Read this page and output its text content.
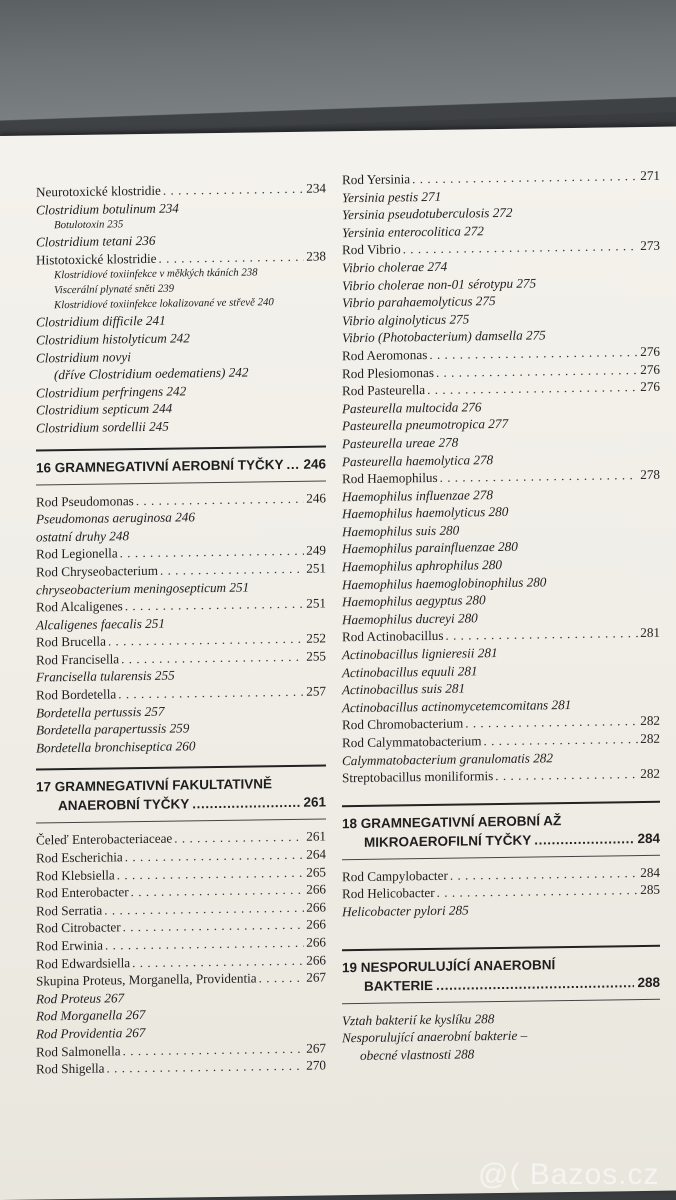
Neurotoxické klostridie . . .	234
Clostridium botulinum 234
Botulotoxin 235
Clostridium tetani 236
Histotoxické klostridie . . .	238
Klostridiové toxiinfekce v měkkých tkáních 238
Viscerální plynaté sněti 239
Klostridiové toxiinfekce lokalizované ve střevě 240
Clostridium difficile 241
Clostridium histolyticum 242
Clostridium novyi
(dříve Clostridium oedematiens) 242
Clostridium perfringens 242
Clostridium septicum 244
Clostridium sordellii 245
16 GRAMNEGATIVNÍ AEROBNÍ TYČKY ..... 246
Rod Pseudomonas . . .	246
Pseudomonas aeruginosa 246
ostatní druhy 248
Rod Legionella . . .	249
Rod Chryseobacterium . . .	251
chryseobacterium meningosepticum 251
Rod Alcaligenes . . .	251
Alcaligenes faecalis 251
Rod Brucella . . .	252
Rod Francisella . . .	255
Francisella tularensis 255
Rod Bordetella . . .	257
Bordetella pertussis 257
Bordetella parapertussis 259
Bordetella bronchiseptica 260
17 GRAMNEGATIVNÍ FAKULTATIVNĚ
ANAEROBNÍ TYČKY .....	261
Čeleď Enterobacteriaceae . . .	261
Rod Escherichia . . .	264
Rod Klebsiella . . .	265
Rod Enterobacter . . .	266
Rod Serratia . . .	266
Rod Citrobacter . . .	266
Rod Erwinia . . .	266
Rod Edwardsiella . . .	266
Skupina Proteus, Morganella, Providentia . . .	267
Rod Proteus 267
Rod Morganella 267
Rod Providentia 267
Rod Salmonella . . .	267
Rod Shigella . . .	270
Rod Yersinia . . .	271
Yersinia pestis 271
Yersinia pseudotuberculosis 272
Yersinia enterocolitica 272
Rod Vibrio . . .	273
Vibrio cholerae 274
Vibrio cholerae non-01 sérotypu 275
Vibrio parahaemolyticus 275
Vibrio alginolyticus 275
Vibrio (Photobacterium) damsella 275
Rod Aeromonas . . .	276
Rod Plesiomonas . . .	276
Rod Pasteurella . . .	276
Pasteurella multocida 276
Pasteurella pneumotropica 277
Pasteurella ureae 278
Pasteurella haemolytica 278
Rod Haemophilus . . .	278
Haemophilus influenzae 278
Haemophilus haemolyticus 280
Haemophilus suis 280
Haemophilus parainfluenzae 280
Haemophilus aphrophilus 280
Haemophilus haemoglobinophilus 280
Haemophilus aegyptus 280
Haemophilus ducreyi 280
Rod Actinobacillus . . .	281
Actinobacillus lignieresii 281
Actinobacillus equuli 281
Actinobacillus suis 281
Actinobacillus actinomycetemcomitans 281
Rod Chromobacterium . . .	282
Rod Calymmatobacterium . . .	282
Calymmatobacterium granulomatis 282
Streptobacillus moniliformis . . .	282
18 GRAMNEGATIVNÍ AEROBNÍ AŽ
MIKROAEROFILNÍ TYČKY .....	284
Rod Campylobacter . . .	284
Rod Helicobacter . . .	285
Helicobacter pylori 285
19 NESPORULUJÍCÍ ANAEROBNÍ
BAKTERIE .....	288
Vztah bakterií ke kyslíku 288
Nesporulující anaerobní bakterie –
obecné vlastnosti 288
@( Bazos.cz
